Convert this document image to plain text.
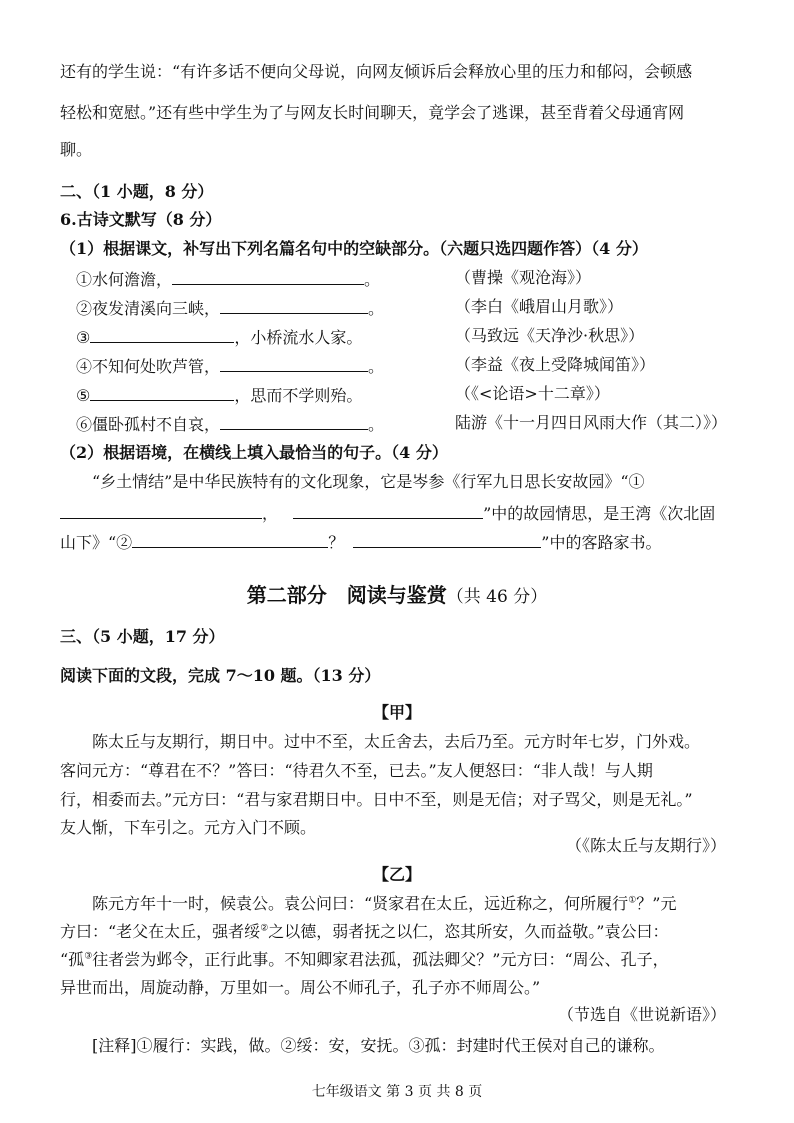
还有的学生说：“有许多话不便向父母说，向网友倾诉后会释放心里的压力和郁闷，会顿感
轻松和宽慰。”还有些中学生为了与网友长时间聊天，竟学会了逃课，甚至背着父母通宵网
聊。
二、（1 小题，8 分）
6.古诗文默写（8 分）
（1）根据课文，补写出下列名篇名句中的空缺部分。（六题只选四题作答）（4 分）
①水何澹澹，	。	（曹操《观沧海》）
②夜发清溪向三峡，	。	（李白《峨眉山月歌》）
③	，小桥流水人家。	（马致远《天净沙·秋思》）
④不知何处吹芦管，	。	（李益《夜上受降城闻笛》）
⑤	，思而不学则殆。	（《<论语>十二章》）
⑥僵卧孤村不自哀，	。	陆游《十一月四日风雨大作（其二）》）
（2）根据语境，在横线上填入最恰当的句子。（4 分）
“乡土情结”是中华民族特有的文化现象，它是岑参《行军九日思长安故园》“①
，	”中的故园情思，是王湾《次北固
山下》“②	？	”中的客路家书。
第二部分　阅读与鉴赏（共 46 分）
三、（5 小题，17 分）
阅读下面的文段，完成 7～10 题。（13 分）
【甲】
　　陈太丘与友期行，期日中。过中不至，太丘舍去，去后乃至。元方时年七岁，门外戏。
客问元方：“尊君在不？”答曰：“待君久不至，已去。”友人便怒曰：“非人哉！与人期
行，相委而去。”元方曰：“君与家君期日中。日中不至，则是无信；对子骂父，则是无礼。”
友人惭，下车引之。元方入门不顾。
（《陈太丘与友期行》）
【乙】
　　陈元方年十一时，候袁公。袁公问曰：“贤家君在太丘，远近称之，何所履行①？”元
方曰：“老父在太丘，强者绥②之以德，弱者抚之以仁，恣其所安，久而益敬。”袁公曰：
“孤③往者尝为邺令，正行此事。不知卿家君法孤，孤法卿父？”元方曰：“周公、孔子，
异世而出，周旋动静，万里如一。周公不师孔子，孔子亦不师周公。”
（节选自《世说新语》）
[注释]①履行：实践，做。②绥：安，安抚。③孤：封建时代王侯对自己的谦称。
七年级语文 第 3 页 共 8 页
